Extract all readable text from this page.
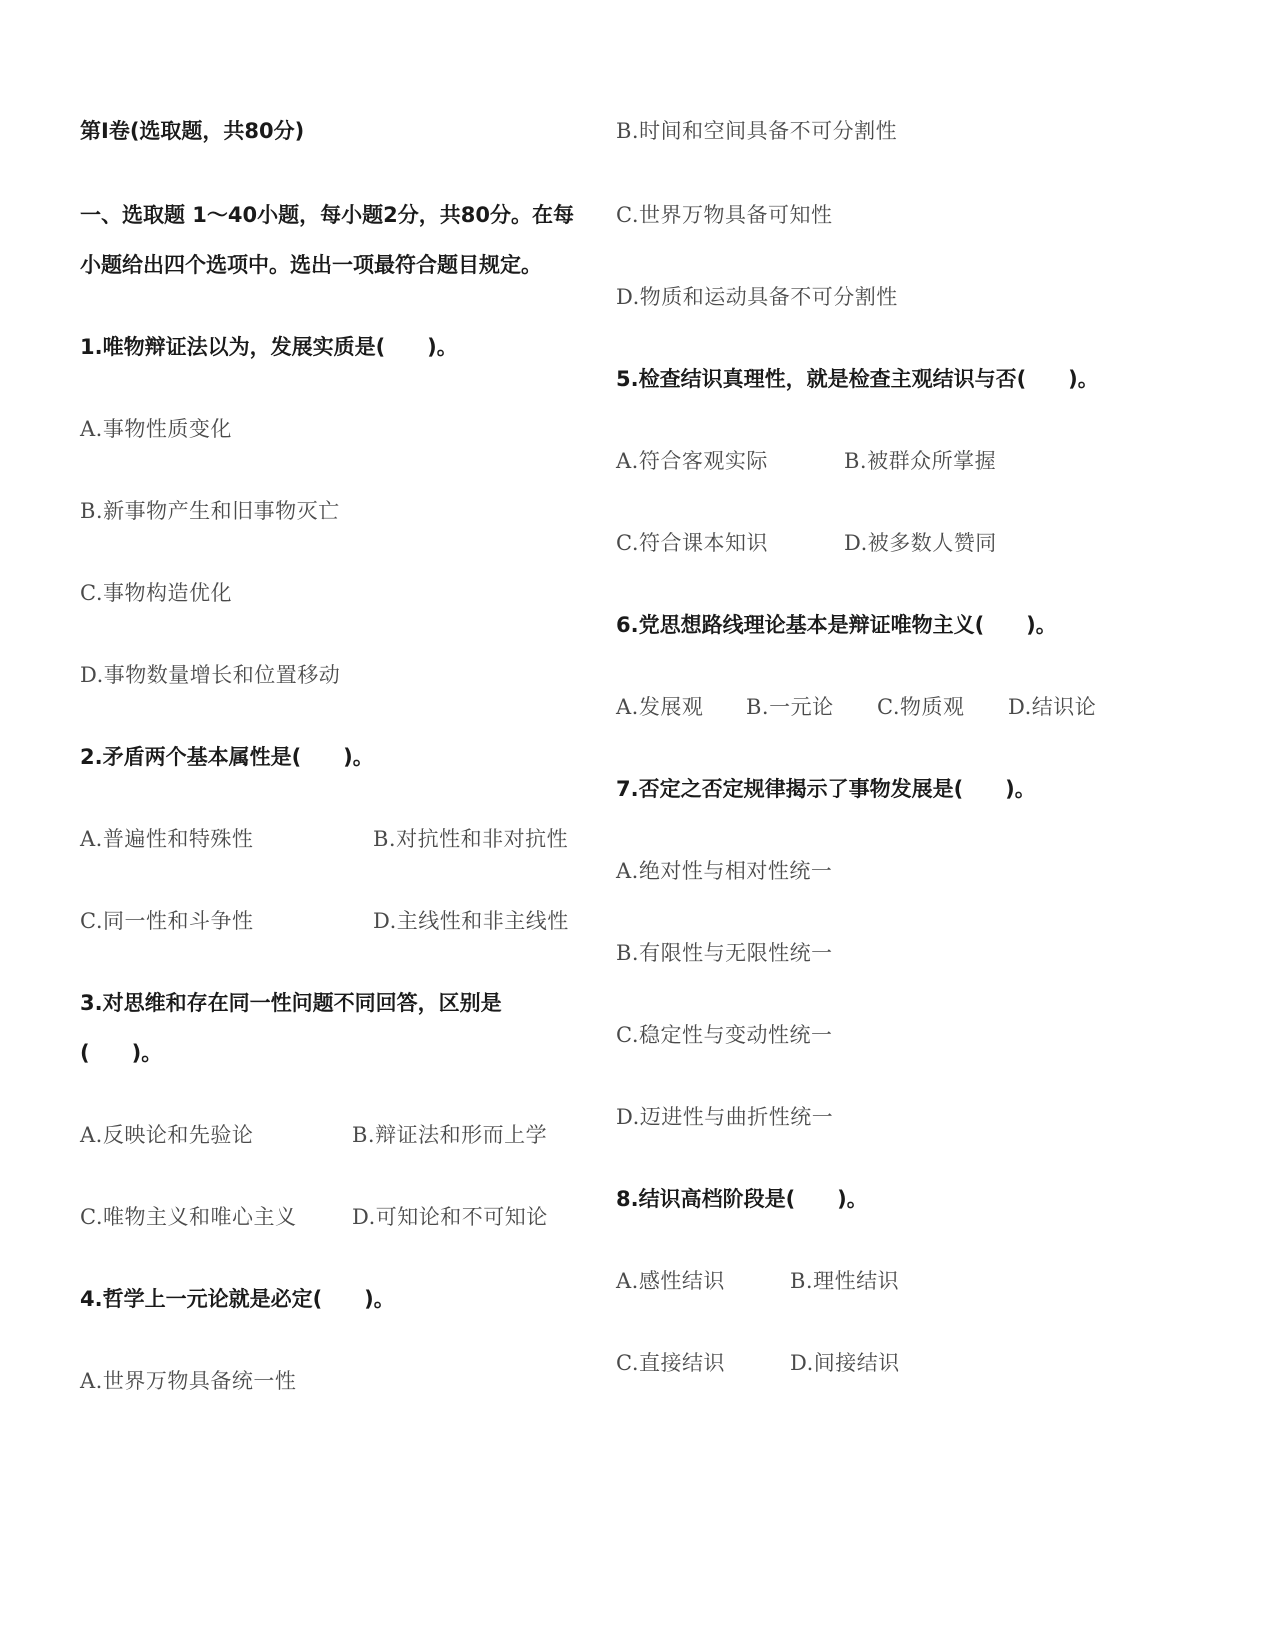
第Ⅰ卷(选取题，共80分)
一、选取题 1～40小题，每小题2分，共80分。在每
小题给出四个选项中。选出一项最符合题目规定。
1.唯物辩证法以为，发展实质是(　　)。
A.事物性质变化
B.新事物产生和旧事物灭亡
C.事物构造优化
D.事物数量增长和位置移动
2.矛盾两个基本属性是(　　)。
A.普遍性和特殊性	B.对抗性和非对抗性
C.同一性和斗争性	D.主线性和非主线性
3.对思维和存在同一性问题不同回答，区别是
(　　)。
A.反映论和先验论	B.辩证法和形而上学
C.唯物主义和唯心主义	D.可知论和不可知论
4.哲学上一元论就是必定(　　)。
A.世界万物具备统一性
B.时间和空间具备不可分割性
C.世界万物具备可知性
D.物质和运动具备不可分割性
5.检查结识真理性，就是检查主观结识与否(　　)。
A.符合客观实际	B.被群众所掌握
C.符合课本知识	D.被多数人赞同
6.党思想路线理论基本是辩证唯物主义(　　)。
A.发展观 B.一元论 C.物质观 D.结识论
7.否定之否定规律揭示了事物发展是(　　)。
A.绝对性与相对性统一
B.有限性与无限性统一
C.稳定性与变动性统一
D.迈进性与曲折性统一
8.结识高档阶段是(　　)。
A.感性结识	B.理性结识
C.直接结识	D.间接结识
